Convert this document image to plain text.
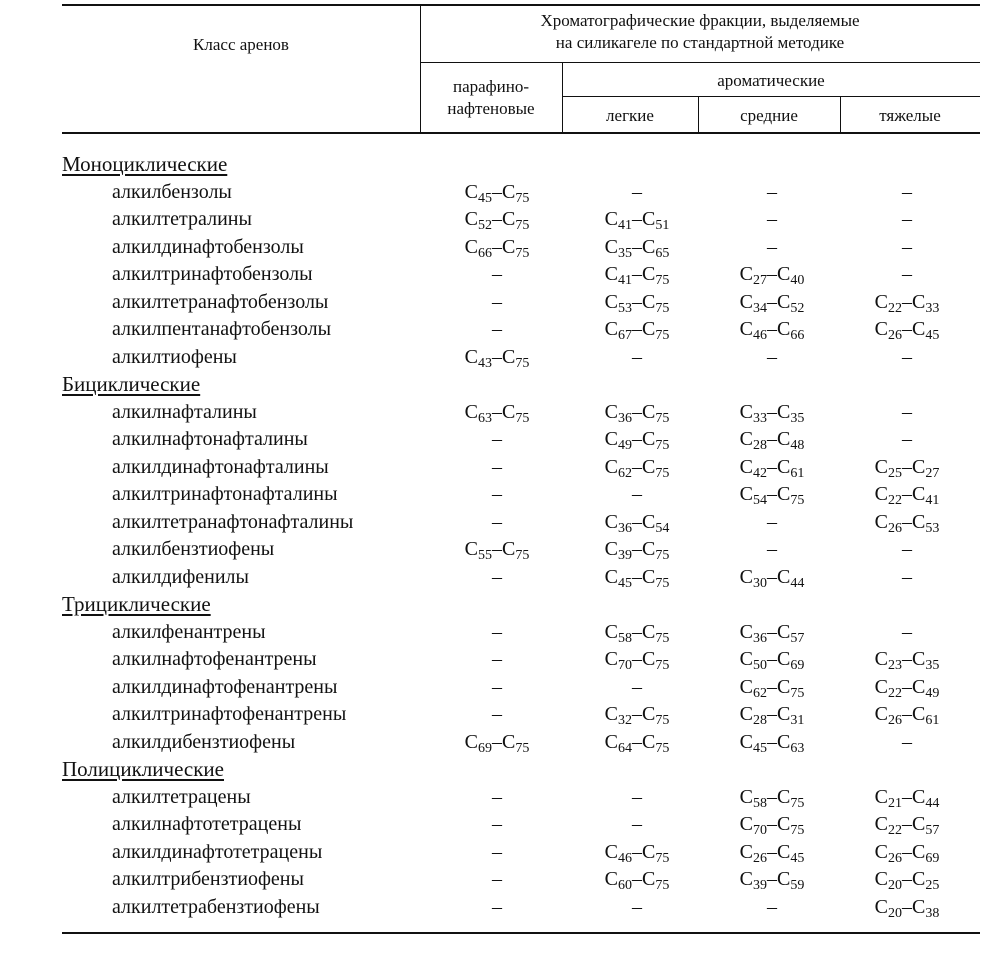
Класс аренов
Хроматографические фракции, выделяемые
на силикагеле по стандартной методике
парафино-
нафтеновые
ароматические
легкие	средние	тяжелые
Моноциклические
алкилбензолы	$C_{45}-C_{75}$	–	–	–
алкилтетралины	$C_{52}-C_{75}$	$C_{41}-C_{51}$	–	–
алкилдинафтобензолы	$C_{66}-C_{75}$	$C_{35}-C_{65}$	–	–
алкилтринафтобензолы	–	$C_{41}-C_{75}$	$C_{27}-C_{40}$	–
алкилтетранафтобензолы	–	$C_{53}-C_{75}$	$C_{34}-C_{52}$	$C_{22}-C_{33}$
алкилпентанафтобензолы	–	$C_{67}-C_{75}$	$C_{46}-C_{66}$	$C_{26}-C_{45}$
алкилтиофены	$C_{43}-C_{75}$	–	–	–
Бициклические
алкилнафталины	$C_{63}-C_{75}$	$C_{36}-C_{75}$	$C_{33}-C_{35}$	–
алкилнафтонафталины	–	$C_{49}-C_{75}$	$C_{28}-C_{48}$	–
алкилдинафтонафталины	–	$C_{62}-C_{75}$	$C_{42}-C_{61}$	$C_{25}-C_{27}$
алкилтринафтонафталины	–	–	$C_{54}-C_{75}$	$C_{22}-C_{41}$
алкилтетранафтонафталины	–	$C_{36}-C_{54}$	–	$C_{26}-C_{53}$
алкилбензтиофены	$C_{55}-C_{75}$	$C_{39}-C_{75}$	–	–
алкилдифенилы	–	$C_{45}-C_{75}$	$C_{30}-C_{44}$	–
Трициклические
алкилфенантрены	–	$C_{58}-C_{75}$	$C_{36}-C_{57}$	–
алкилнафтофенантрены	–	$C_{70}-C_{75}$	$C_{50}-C_{69}$	$C_{23}-C_{35}$
алкилдинафтофенантрены	–	–	$C_{62}-C_{75}$	$C_{22}-C_{49}$
алкилтринафтофенантрены	–	$C_{32}-C_{75}$	$C_{28}-C_{31}$	$C_{26}-C_{61}$
алкилдибензтиофены	$C_{69}-C_{75}$	$C_{64}-C_{75}$	$C_{45}-C_{63}$	–
Полициклические
алкилтетрацены	–	–	$C_{58}-C_{75}$	$C_{21}-C_{44}$
алкилнафтотетрацены	–	–	$C_{70}-C_{75}$	$C_{22}-C_{57}$
алкилдинафтотетрацены	–	$C_{46}-C_{75}$	$C_{26}-C_{45}$	$C_{26}-C_{69}$
алкилтрибензтиофены	–	$C_{60}-C_{75}$	$C_{39}-C_{59}$	$C_{20}-C_{25}$
алкилтетрабензтиофены	–	–	–	$C_{20}-C_{38}$
